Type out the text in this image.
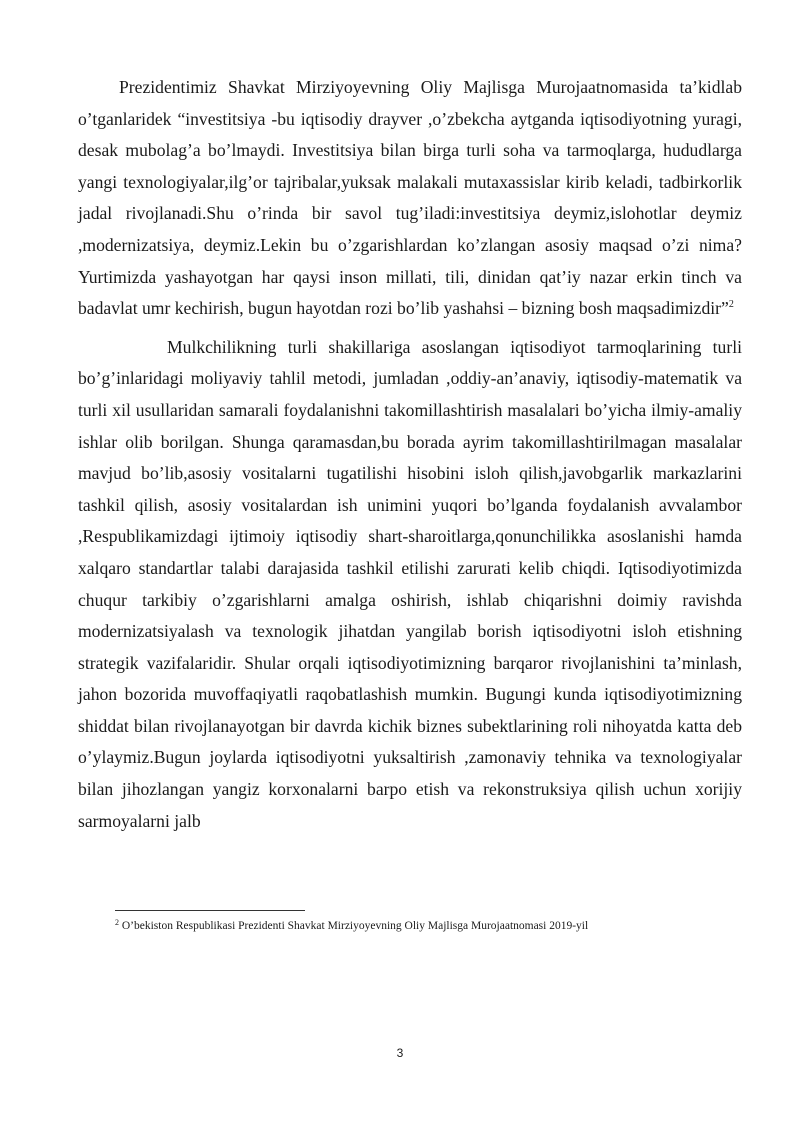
Prezidentimiz Shavkat Mirziyoyevning Oliy Majlisga Murojaatnomasida ta’kidlab o’tganlaridek “investitsiya -bu iqtisodiy drayver ,o’zbekcha aytganda iqtisodiyotning yuragi, desak mubolag’a bo’lmaydi. Investitsiya bilan birga turli soha va tarmoqlarga, hududlarga yangi texnologiyalar,ilg’or tajribalar,yuksak malakali mutaxassislar kirib keladi, tadbirkorlik jadal rivojlanadi.Shu o’rinda bir savol tug’iladi:investitsiya deymiz,islohotlar deymiz ,modernizatsiya, deymiz.Lekin bu o’zgarishlardan ko’zlangan asosiy maqsad o’zi nima? Yurtimizda yashayotgan har qaysi inson millati, tili, dinidan qat’iy nazar erkin tinch va badavlat umr kechirish, bugun hayotdan rozi bo’lib yashahsi – bizning bosh maqsadimizdir”$^2$

Mulkchilikning turli shakillariga asoslangan iqtisodiyot tarmoqlarining turli bo’g’inlaridagi moliyaviy tahlil metodi, jumladan ,oddiy-an’anaviy, iqtisodiy-matematik va turli xil usullaridan samarali foydalanishni takomillashtirish masalalari bo’yicha ilmiy-amaliy ishlar olib borilgan. Shunga qaramasdan,bu borada ayrim takomillashtirilmagan masalalar mavjud bo’lib,asosiy vositalarni tugatilishi hisobini isloh qilish,javobgarlik markazlarini tashkil qilish, asosiy vositalardan ish unimini yuqori bo’lganda foydalanish avvalambor ,Respublikamizdagi ijtimoiy iqtisodiy shart-sharoitlarga,qonunchilikka asoslanishi hamda xalqaro standartlar talabi darajasida tashkil etilishi zarurati kelib chiqdi. Iqtisodiyotimizda chuqur tarkibiy o’zgarishlarni amalga oshirish, ishlab chiqarishni doimiy ravishda modernizatsiyalash va texnologik jihatdan yangilab borish iqtisodiyotni isloh etishning strategik vazifalaridir. Shular orqali iqtisodiyotimizning barqaror rivojlanishini ta’minlash, jahon bozorida muvoffaqiyatli raqobatlashish mumkin. Bugungi kunda iqtisodiyotimizning shiddat bilan rivojlanayotgan bir davrda kichik biznes subektlarining roli nihoyatda katta deb o’ylaymiz.Bugun joylarda iqtisodiyotni yuksaltirish ,zamonaviy tehnika va texnologiyalar bilan jihozlangan yangiz korxonalarni barpo etish va rekonstruksiya qilish uchun xorijiy sarmoyalarni jalb

$^2$ O’bekiston Respublikasi Prezidenti Shavkat Mirziyoyevning Oliy Majlisga Murojaatnomasi 2019-yil
3
